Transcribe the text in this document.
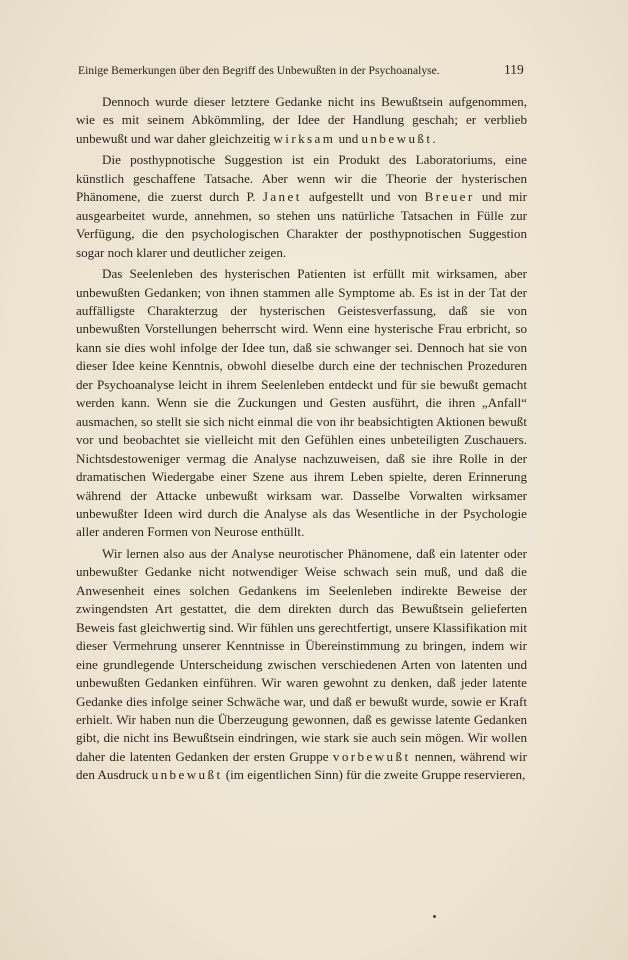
Einige Bemerkungen über den Begriff des Unbewußten in der Psychoanalyse.	119

Dennoch wurde dieser letztere Gedanke nicht ins Bewußtsein aufgenommen, wie es mit seinem Abkömmling, der Idee der Handlung geschah; er verblieb unbewußt und war daher gleichzeitig wirksam und unbewußt.

Die posthypnotische Suggestion ist ein Produkt des Laboratoriums, eine künstlich geschaffene Tatsache. Aber wenn wir die Theorie der hysterischen Phänomene, die zuerst durch P. Janet aufgestellt und von Breuer und mir ausgearbeitet wurde, annehmen, so stehen uns natürliche Tatsachen in Fülle zur Verfügung, die den psychologischen Charakter der posthypnotischen Suggestion sogar noch klarer und deutlicher zeigen.

Das Seelenleben des hysterischen Patienten ist erfüllt mit wirksamen, aber unbewußten Gedanken; von ihnen stammen alle Symptome ab. Es ist in der Tat der auffälligste Charakterzug der hysterischen Geistesverfassung, daß sie von unbewußten Vorstellungen beherrscht wird. Wenn eine hysterische Frau erbricht, so kann sie dies wohl infolge der Idee tun, daß sie schwanger sei. Dennoch hat sie von dieser Idee keine Kenntnis, obwohl dieselbe durch eine der technischen Prozeduren der Psychoanalyse leicht in ihrem Seelenleben entdeckt und für sie bewußt gemacht werden kann. Wenn sie die Zuckungen und Gesten ausführt, die ihren „Anfall“ ausmachen, so stellt sie sich nicht einmal die von ihr beabsichtigten Aktionen bewußt vor und beobachtet sie vielleicht mit den Gefühlen eines unbeteiligten Zuschauers. Nichtsdestoweniger vermag die Analyse nachzuweisen, daß sie ihre Rolle in der dramatischen Wiedergabe einer Szene aus ihrem Leben spielte, deren Erinnerung während der Attacke unbewußt wirksam war. Dasselbe Vorwalten wirksamer unbewußter Ideen wird durch die Analyse als das Wesentliche in der Psychologie aller anderen Formen von Neurose enthüllt.

Wir lernen also aus der Analyse neurotischer Phänomene, daß ein latenter oder unbewußter Gedanke nicht notwendiger Weise schwach sein muß, und daß die Anwesenheit eines solchen Gedankens im Seelenleben indirekte Beweise der zwingendsten Art gestattet, die dem direkten durch das Bewußtsein gelieferten Beweis fast gleichwertig sind. Wir fühlen uns gerechtfertigt, unsere Klassifikation mit dieser Vermehrung unserer Kenntnisse in Übereinstimmung zu bringen, indem wir eine grundlegende Unterscheidung zwischen verschiedenen Arten von latenten und unbewußten Gedanken einführen. Wir waren gewohnt zu denken, daß jeder latente Gedanke dies infolge seiner Schwäche war, und daß er bewußt wurde, sowie er Kraft erhielt. Wir haben nun die Überzeugung gewonnen, daß es gewisse latente Gedanken gibt, die nicht ins Bewußtsein eindringen, wie stark sie auch sein mögen. Wir wollen daher die latenten Gedanken der ersten Gruppe vorbewußt nennen, während wir den Ausdruck unbewußt (im eigentlichen Sinn) für die zweite Gruppe reservieren,
